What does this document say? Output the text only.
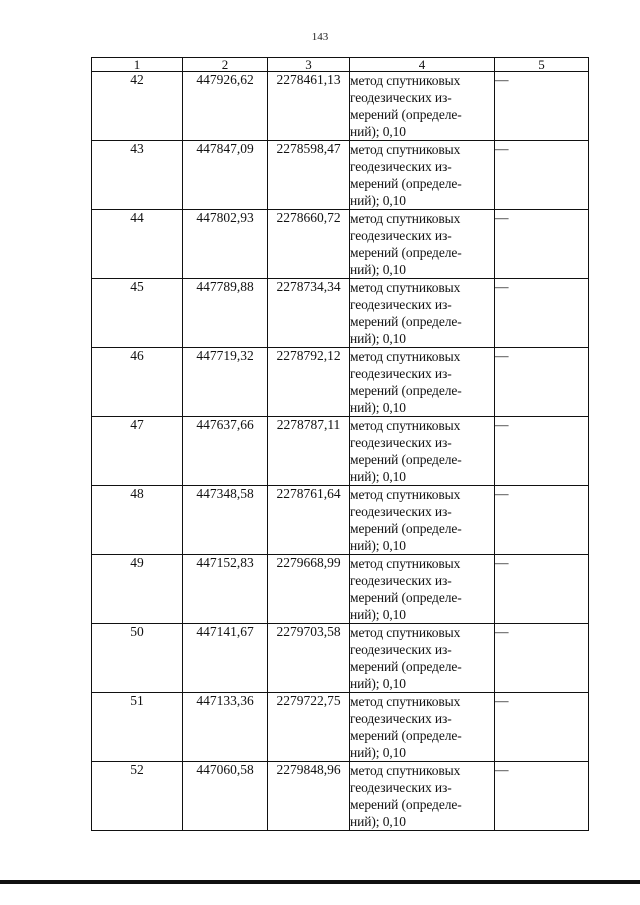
143
1	2	3	4	5
42	447926,62	2278461,13	метод спутниковых
геодезических из-
мерений (определе-
ний); 0,10	—
43	447847,09	2278598,47	метод спутниковых
геодезических из-
мерений (определе-
ний); 0,10	—
44	447802,93	2278660,72	метод спутниковых
геодезических из-
мерений (определе-
ний); 0,10	—
45	447789,88	2278734,34	метод спутниковых
геодезических из-
мерений (определе-
ний); 0,10	—
46	447719,32	2278792,12	метод спутниковых
геодезических из-
мерений (определе-
ний); 0,10	—
47	447637,66	2278787,11	метод спутниковых
геодезических из-
мерений (определе-
ний); 0,10	—
48	447348,58	2278761,64	метод спутниковых
геодезических из-
мерений (определе-
ний); 0,10	—
49	447152,83	2279668,99	метод спутниковых
геодезических из-
мерений (определе-
ний); 0,10	—
50	447141,67	2279703,58	метод спутниковых
геодезических из-
мерений (определе-
ний); 0,10	—
51	447133,36	2279722,75	метод спутниковых
геодезических из-
мерений (определе-
ний); 0,10	—
52	447060,58	2279848,96	метод спутниковых
геодезических из-
мерений (определе-
ний); 0,10	—
